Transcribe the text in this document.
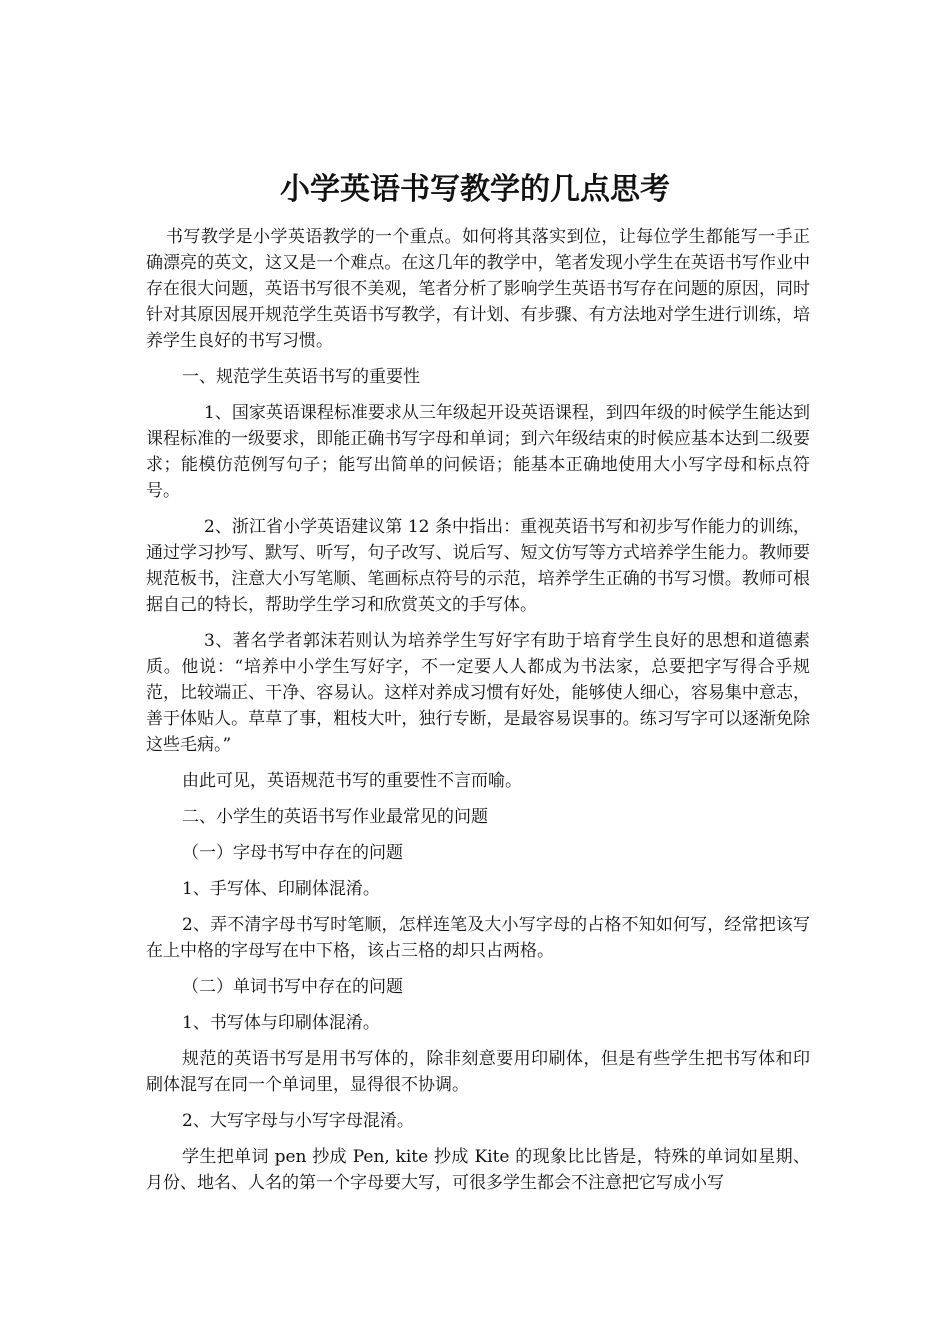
小学英语书写教学的几点思考

书写教学是小学英语教学的一个重点。如何将其落实到位，让每位学生都能写一手正确漂亮的英文，这又是一个难点。在这几年的教学中，笔者发现小学生在英语书写作业中存在很大问题，英语书写很不美观，笔者分析了影响学生英语书写存在问题的原因，同时针对其原因展开规范学生英语书写教学，有计划、有步骤、有方法地对学生进行训练，培养学生良好的书写习惯。

一、规范学生英语书写的重要性

1、国家英语课程标准要求从三年级起开设英语课程，到四年级的时候学生能达到课程标准的一级要求，即能正确书写字母和单词；到六年级结束的时候应基本达到二级要求；能模仿范例写句子；能写出简单的问候语；能基本正确地使用大小写字母和标点符号。

2、浙江省小学英语建议第 12 条中指出：重视英语书写和初步写作能力的训练，通过学习抄写、默写、听写，句子改写、说后写、短文仿写等方式培养学生能力。教师要规范板书，注意大小写笔顺、笔画标点符号的示范，培养学生正确的书写习惯。教师可根据自己的特长，帮助学生学习和欣赏英文的手写体。

3、著名学者郭沫若则认为培养学生写好字有助于培育学生良好的思想和道德素质。他说：“培养中小学生写好字，不一定要人人都成为书法家，总要把字写得合乎规范，比较端正、干净、容易认。这样对养成习惯有好处，能够使人细心，容易集中意志，善于体贴人。草草了事，粗枝大叶，独行专断，是最容易误事的。练习写字可以逐渐免除这些毛病。”

由此可见，英语规范书写的重要性不言而喻。

二、小学生的英语书写作业最常见的问题

（一）字母书写中存在的问题

1、手写体、印刷体混淆。

2、弄不清字母书写时笔顺，怎样连笔及大小写字母的占格不知如何写，经常把该写在上中格的字母写在中下格，该占三格的却只占两格。

（二）单词书写中存在的问题

1、书写体与印刷体混淆。

规范的英语书写是用书写体的，除非刻意要用印刷体，但是有些学生把书写体和印刷体混写在同一个单词里，显得很不协调。

2、大写字母与小写字母混淆。

学生把单词 pen 抄成 Pen, kite 抄成 Kite 的现象比比皆是，特殊的单词如星期、月份、地名、人名的第一个字母要大写，可很多学生都会不注意把它写成小写
